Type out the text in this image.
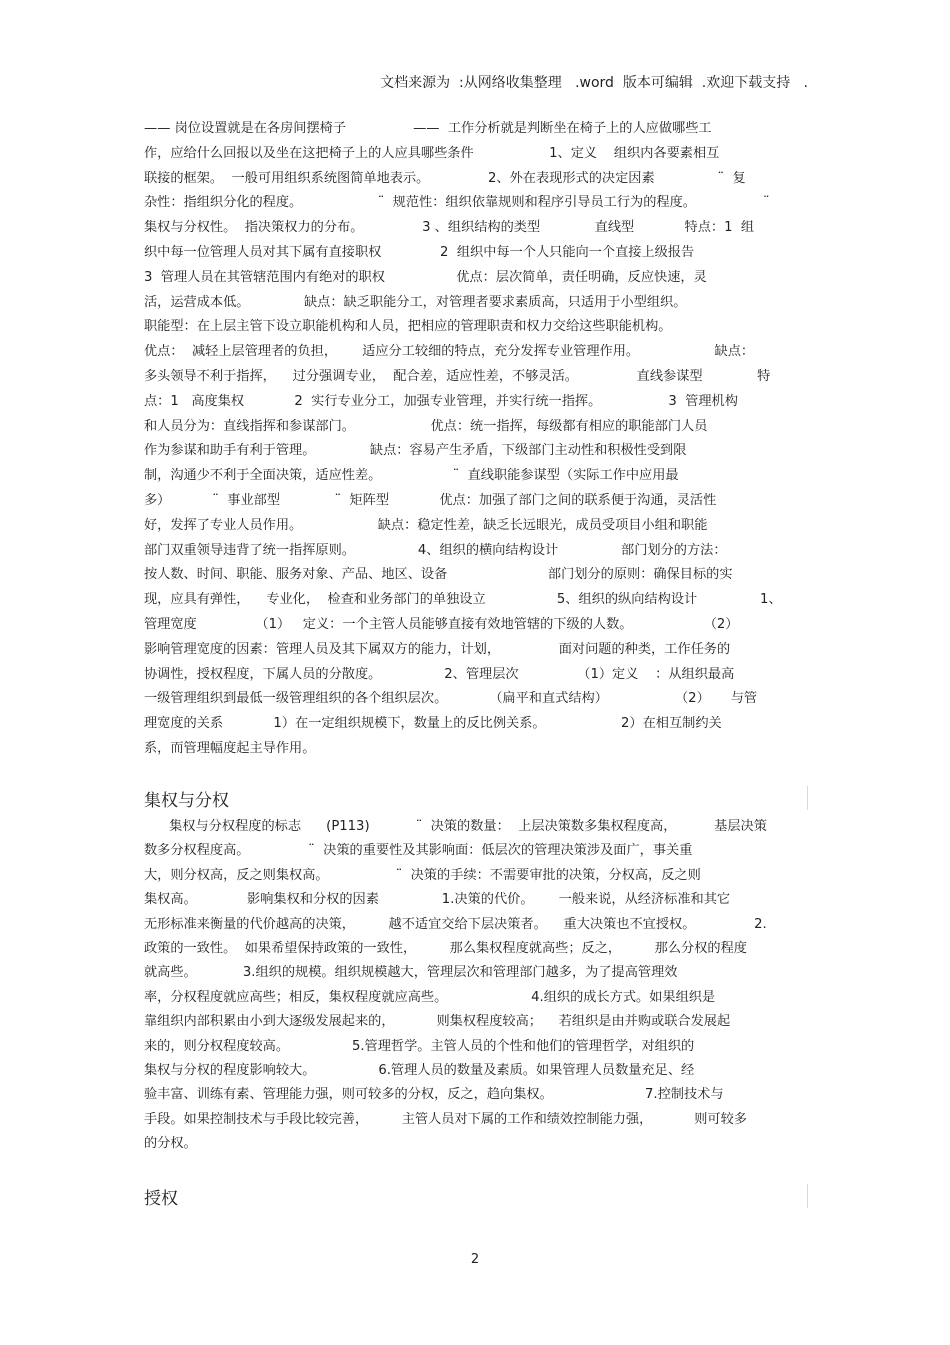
文档来源为  :从网络收集整理   .word  版本可编辑  .欢迎下载支持   .
—— 岗位设置就是在各房间摆椅子                ——  工作分析就是判断坐在椅子上的人应做哪些工
作，应给什么回报以及坐在这把椅子上的人应具哪些条件                  1、定义    组织内各要素相互
联接的框架。  一般可用组织系统图简单地表示。              2、外在表现形式的决定因素               ¨  复
杂性：指组织分化的程度。                  ¨  规范性：组织依靠规则和程序引导员工行为的程度。                ¨
集权与分权性。  指决策权力的分布。              3 、组织结构的类型             直线型            特点：1  组
织中每一位管理人员对其下属有直接职权              2  组织中每一个人只能向一个直接上级报告
3  管理人员在其管辖范围内有绝对的职权                 优点：层次简单，责任明确，反应快速，灵
活，运营成本低。             缺点：缺乏职能分工，对管理者要求素质高，只适用于小型组织。
职能型：在上层主管下设立职能机构和人员，把相应的管理职责和权力交给这些职能机构。
优点：  减轻上层管理者的负担，      适应分工较细的特点，充分发挥专业管理作用。                  缺点：
多头领导不利于指挥，    过分强调专业，  配合差，适应性差，不够灵活。              直线参谋型             特
点：1   高度集权            2  实行专业分工，加强专业管理，并实行统一指挥。                3  管理机构
和人员分为：直线指挥和参谋部门。                  优点：统一指挥，每级都有相应的职能部门人员
作为参谋和助手有利于管理。             缺点：容易产生矛盾，下级部门主动性和积极性受到限
制，沟通少不利于全面决策，适应性差。                 ¨  直线职能参谋型（实际工作中应用最
多）          ¨  事业部型             ¨  矩阵型            优点：加强了部门之间的联系便于沟通，灵活性
好，发挥了专业人员作用。                  缺点：稳定性差，缺乏长远眼光，成员受项目小组和职能
部门双重领导违背了统一指挥原则。               4、组织的横向结构设计               部门划分的方法：
按人数、时间、职能、服务对象、产品、地区、设备                        部门划分的原则：确保目标的实
现，应具有弹性，    专业化，  检查和业务部门的单独设立                 5、组织的纵向结构设计               1、
管理宽度              （1）   定义：一个主管人员能够直接有效地管辖的下级的人数。                 （2）
影响管理宽度的因素：管理人员及其下属双方的能力，计划，              面对问题的种类，工作任务的
协调性，授权程度，下属人员的分散度。               2、管理层次              （1）定义    ：从组织最高
一级管理组织到最低一级管理组织的各个组织层次。          （扁平和直式结构）                （2）     与管
理宽度的关系            1）在一定组织规模下，数量上的反比例关系。                  2）在相互制约关
系，而管理幅度起主导作用。
集权与分权
集权与分权程度的标志      (P113)           ¨  决策的数量：  上层决策数多集权程度高，         基层决策
数多分权程度高。              ¨  决策的重要性及其影响面：低层次的管理决策涉及面广，事关重
大，则分权高，反之则集权高。                ¨  决策的手续：不需要审批的决策，分权高，反之则
集权高。            影响集权和分权的因素               1.决策的代价。      一般来说，从经济标准和其它
无形标准来衡量的代价越高的决策，        越不适宜交给下层决策者。    重大决策也不宜授权。              2.
政策的一致性。  如果希望保持政策的一致性，        那么集权程度就高些；反之，        那么分权的程度
就高些。           3.组织的规模。组织规模越大，管理层次和管理部门越多，为了提高管理效
率，分权程度就应高些；相反，集权程度就应高些。                    4.组织的成长方式。如果组织是
靠组织内部积累由小到大逐级发展起来的，          则集权程度较高；    若组织是由并购或联合发展起
来的，则分权程度较高。               5.管理哲学。主管人员的个性和他们的管理哲学，对组织的
集权与分权的程度影响较大。               6.管理人员的数量及素质。如果管理人员数量充足、经
验丰富、训练有素、管理能力强，则可较多的分权，反之，趋向集权。                      7.控制技术与
手段。如果控制技术与手段比较完善，        主管人员对下属的工作和绩效控制能力强，          则可较多
的分权。
授权
2
